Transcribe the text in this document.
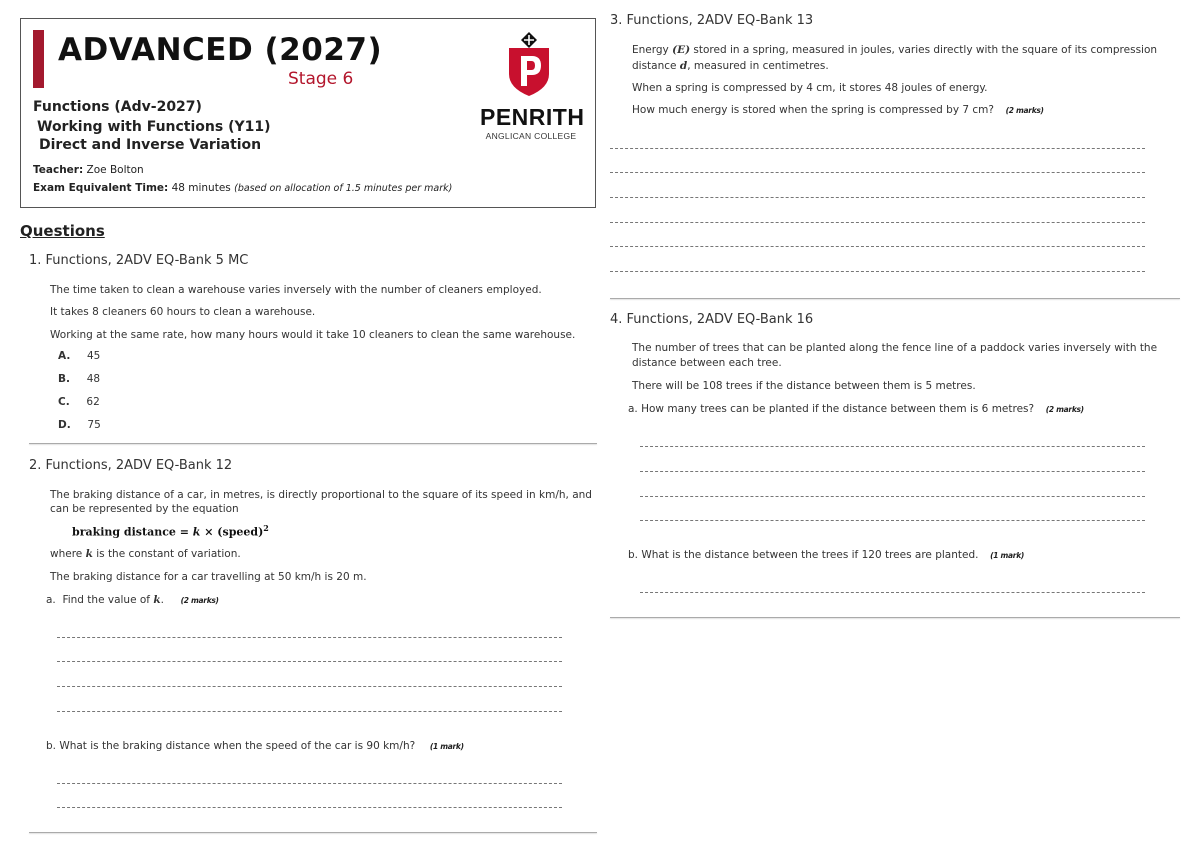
ADVANCED (2027)
Stage 6
Functions (Adv-2027)
Working with Functions (Y11)
Direct and Inverse Variation
Teacher: Zoe Bolton
Exam Equivalent Time: 48 minutes (based on allocation of 1.5 minutes per mark)
PENRITH
ANGLICAN COLLEGE
Questions
1. Functions, 2ADV EQ-Bank 5 MC
The time taken to clean a warehouse varies inversely with the number of cleaners employed.
It takes 8 cleaners 60 hours to clean a warehouse.
Working at the same rate, how many hours would it take 10 cleaners to clean the same warehouse.
A. 45
B. 48
C. 62
D. 75
2. Functions, 2ADV EQ-Bank 12
The braking distance of a car, in metres, is directly proportional to the square of its speed in km/h, and
can be represented by the equation
braking distance = k × (speed)$^2$
where k is the constant of variation.
The braking distance for a car travelling at 50 km/h is 20 m.
a.  Find the value of k. (2 marks)
b. What is the braking distance when the speed of the car is 90 km/h? (1 mark)
3. Functions, 2ADV EQ-Bank 13
Energy (E) stored in a spring, measured in joules, varies directly with the square of its compression
distance d, measured in centimetres.
When a spring is compressed by 4 cm, it stores 48 joules of energy.
How much energy is stored when the spring is compressed by 7 cm? (2 marks)
4. Functions, 2ADV EQ-Bank 16
The number of trees that can be planted along the fence line of a paddock varies inversely with the
distance between each tree.
There will be 108 trees if the distance between them is 5 metres.
a. How many trees can be planted if the distance between them is 6 metres? (2 marks)
b. What is the distance between the trees if 120 trees are planted. (1 mark)
